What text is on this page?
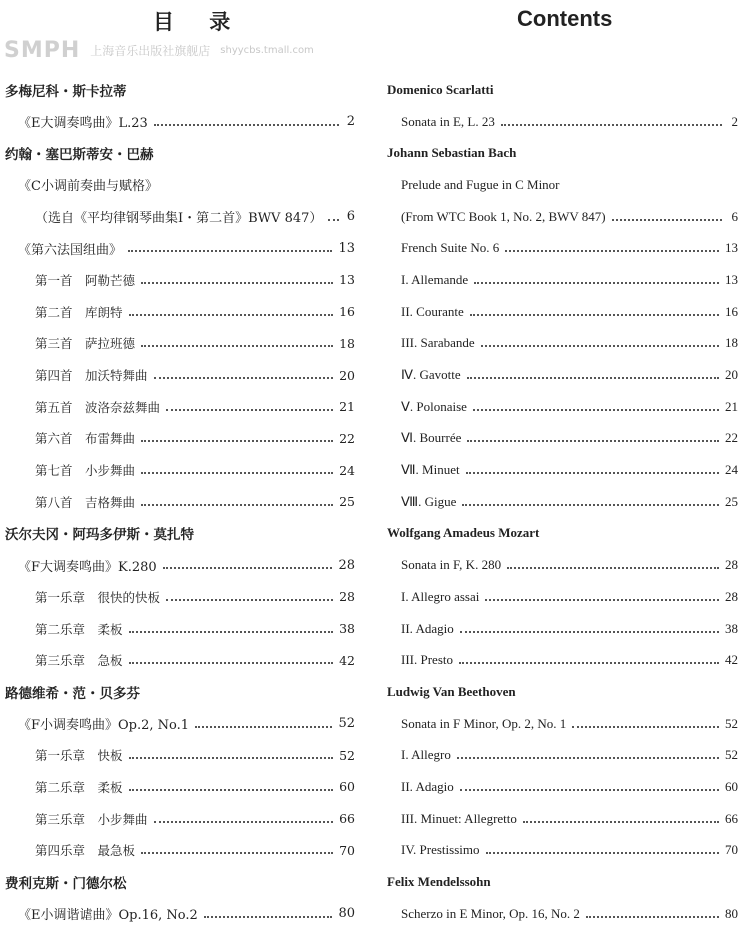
目 录	Contents
SMPH 上海音乐出版社旗舰店 shyycbs.tmall.com
多梅尼科・斯卡拉蒂
《E大调奏鸣曲》L.23	2
约翰・塞巴斯蒂安・巴赫
《C小调前奏曲与赋格》
（选自《平均律钢琴曲集I・第二首》BWV 847） 6
《第六法国组曲》	13
第一首　阿勒芒德	13
第二首　库朗特	16
第三首　萨拉班德	18
第四首　加沃特舞曲	20
第五首　波洛奈兹舞曲	21
第六首　布雷舞曲	22
第七首　小步舞曲	24
第八首　吉格舞曲	25
沃尔夫冈・阿玛多伊斯・莫扎特
《F大调奏鸣曲》K.280	28
第一乐章　很快的快板	28
第二乐章　柔板	38
第三乐章　急板	42
路德维希・范・贝多芬
《F小调奏鸣曲》Op.2, No.1	52
第一乐章　快板	52
第二乐章　柔板	60
第三乐章　小步舞曲	66
第四乐章　最急板	70
费利克斯・门德尔松
《E小调谐谑曲》Op.16, No.2	80
Domenico Scarlatti
Sonata in E, L. 23	2
Johann Sebastian Bach
Prelude and Fugue in C Minor
(From WTC Book 1, No. 2, BWV 847)	6
French Suite No. 6	13
I. Allemande	13
II. Courante	16
III. Sarabande	18
Ⅳ. Gavotte	20
Ⅴ. Polonaise	21
Ⅵ. Bourrée	22
Ⅶ. Minuet	24
Ⅷ. Gigue	25
Wolfgang Amadeus Mozart
Sonata in F, K. 280	28
I. Allegro assai	28
II. Adagio	38
III. Presto	42
Ludwig Van Beethoven
Sonata in F Minor, Op. 2, No. 1	52
I. Allegro	52
II. Adagio	60
III. Minuet: Allegretto	66
IV. Prestissimo	70
Felix Mendelssohn
Scherzo in E Minor, Op. 16, No. 2	80
